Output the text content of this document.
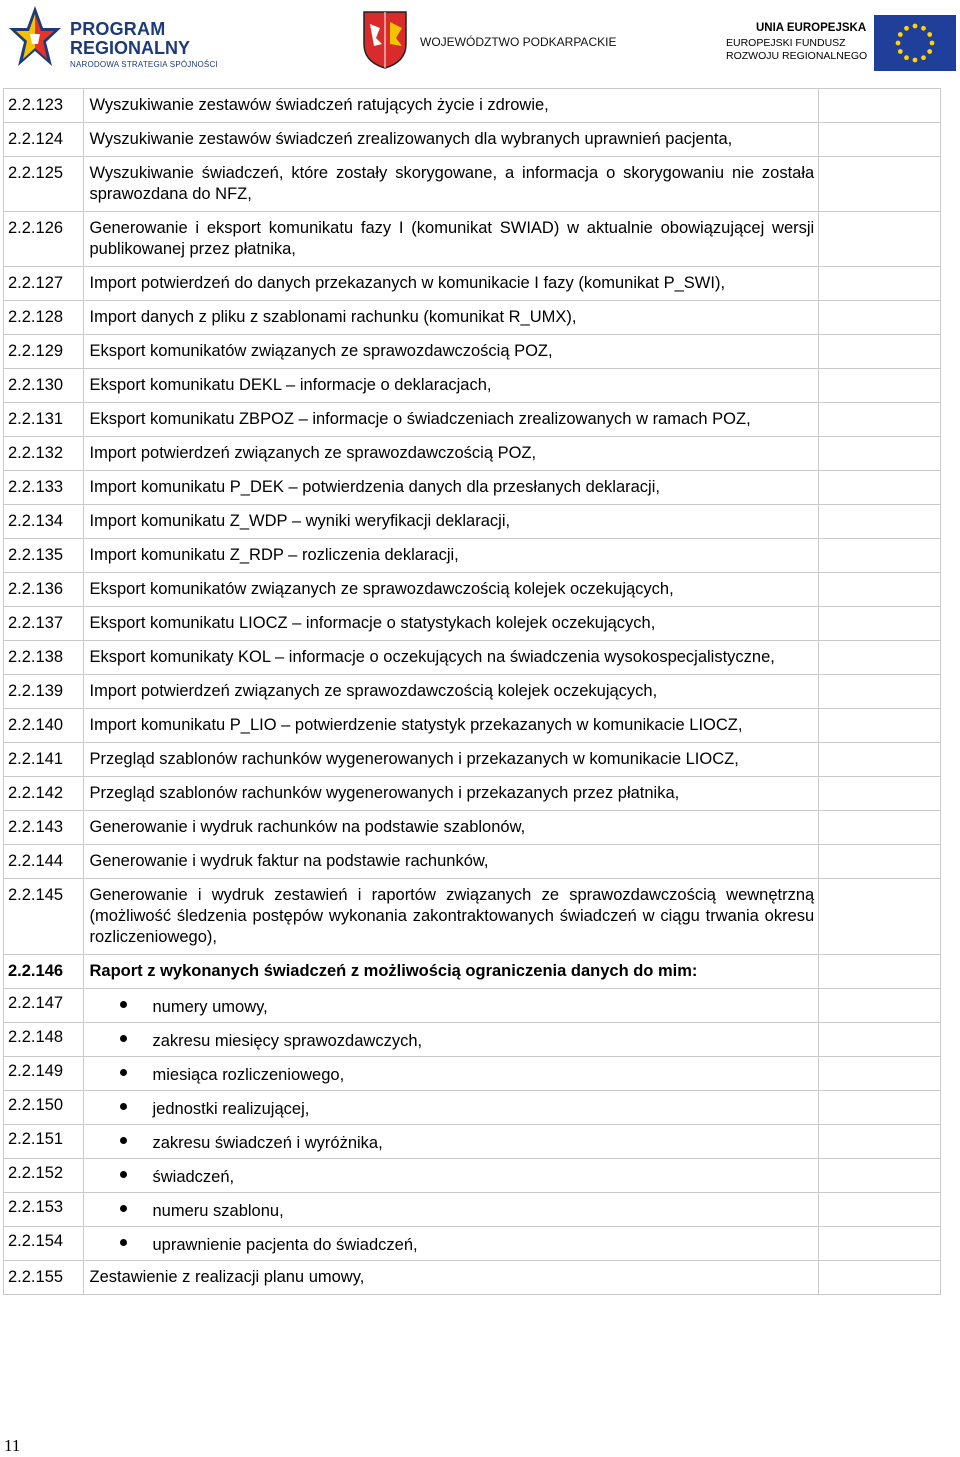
PROGRAM
REGIONALNY
NARODOWA STRATEGIA SPÓJNOŚCI
WOJEWÓDZTWO PODKARPACKIE
UNIA EUROPEJSKA
EUROPEJSKI FUNDUSZ
ROZWOJU REGIONALNEGO
2.2.123	Wyszukiwanie zestawów świadczeń ratujących życie i zdrowie,	
2.2.124	Wyszukiwanie zestawów świadczeń zrealizowanych dla wybranych uprawnień pacjenta,	
2.2.125	Wyszukiwanie świadczeń, które zostały skorygowane, a informacja o skorygowaniu nie została sprawozdana do NFZ,	
2.2.126	Generowanie i eksport komunikatu fazy I (komunikat SWIAD) w aktualnie obowiązującej wersji publikowanej przez płatnika,	
2.2.127	Import potwierdzeń do danych przekazanych w komunikacie I fazy (komunikat P_SWI),	
2.2.128	Import danych z pliku z szablonami rachunku (komunikat R_UMX),	
2.2.129	Eksport komunikatów związanych ze sprawozdawczością POZ,	
2.2.130	Eksport komunikatu DEKL – informacje o deklaracjach,	
2.2.131	Eksport komunikatu ZBPOZ – informacje o świadczeniach zrealizowanych w ramach POZ,	
2.2.132	Import potwierdzeń związanych ze sprawozdawczością POZ,	
2.2.133	Import komunikatu P_DEK – potwierdzenia danych dla przesłanych deklaracji,	
2.2.134	Import komunikatu Z_WDP – wyniki weryfikacji deklaracji,	
2.2.135	Import komunikatu Z_RDP – rozliczenia deklaracji,	
2.2.136	Eksport komunikatów związanych ze sprawozdawczością kolejek oczekujących,	
2.2.137	Eksport komunikatu LIOCZ – informacje o statystykach kolejek oczekujących,	
2.2.138	Eksport komunikaty KOL – informacje o oczekujących na świadczenia wysokospecjalistyczne,	
2.2.139	Import potwierdzeń związanych ze sprawozdawczością kolejek oczekujących,	
2.2.140	Import komunikatu P_LIO – potwierdzenie statystyk przekazanych w komunikacie LIOCZ,	
2.2.141	Przegląd szablonów rachunków wygenerowanych i przekazanych w komunikacie LIOCZ,	
2.2.142	Przegląd szablonów rachunków wygenerowanych i przekazanych przez płatnika,	
2.2.143	Generowanie i wydruk rachunków na podstawie szablonów,	
2.2.144	Generowanie i wydruk faktur na podstawie rachunków,	
2.2.145	Generowanie i wydruk zestawień i raportów związanych ze sprawozdawczością wewnętrzną (możliwość śledzenia postępów wykonania zakontraktowanych świadczeń w ciągu trwania okresu rozliczeniowego),	
2.2.146	Raport z wykonanych świadczeń z możliwością ograniczenia danych do mim:	
2.2.147	numery umowy,	
2.2.148	zakresu miesięcy sprawozdawczych,	
2.2.149	miesiąca rozliczeniowego,	
2.2.150	jednostki realizującej,	
2.2.151	zakresu świadczeń i wyróżnika,	
2.2.152	świadczeń,	
2.2.153	numeru szablonu,	
2.2.154	uprawnienie pacjenta do świadczeń,	
2.2.155	Zestawienie z realizacji planu umowy,	
11
